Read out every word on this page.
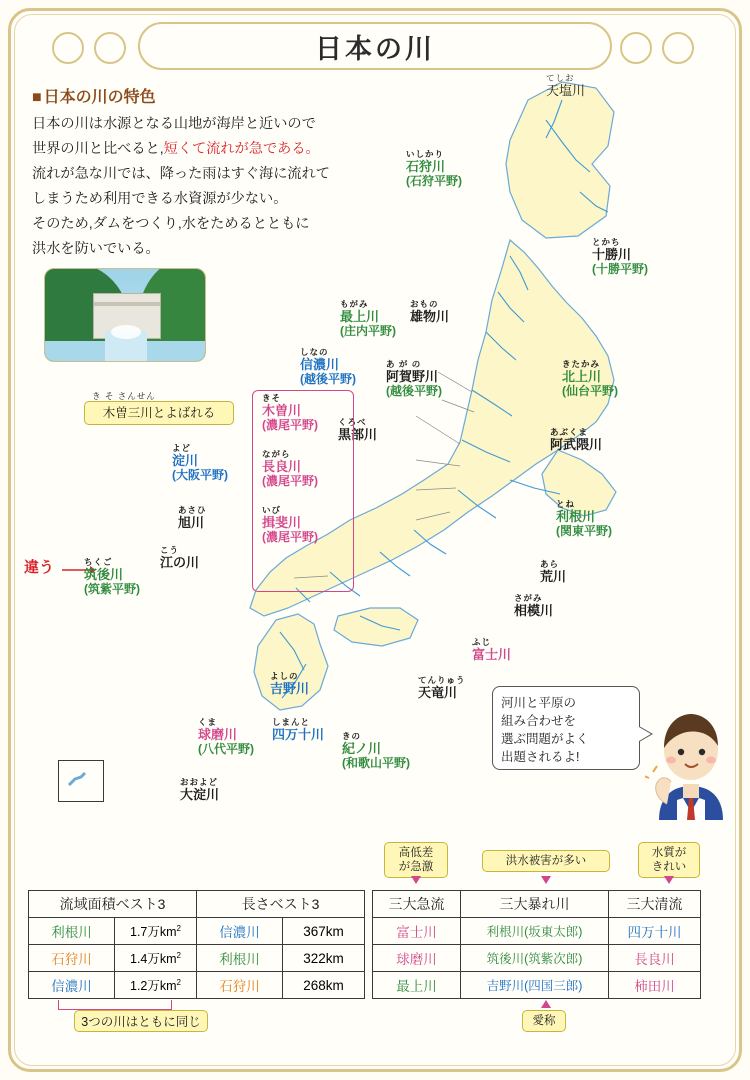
日本の川
■ 日本の川の特色
日本の川は水源となる山地が海岸と近いので
世界の川と比べると,短くて流れが急である。
流れが急な川では、降った雨はすぐ海に流れて
しまうため利用できる水資源が少ない。
そのため,ダムをつくり,水をためるとともに
洪水を防いでいる。
き そ さんせん
木曽三川とよばれる
違う
てしお
天塩川
いしかり
石狩川
(石狩平野)
とかち
十勝川
(十勝平野)
おもの
雄物川
もがみ
最上川
(庄内平野)
きたかみ
北上川
(仙台平野)
しなの
信濃川
(越後平野)
あ が の
阿賀野川
(越後平野)
あぶくま
阿武隈川
くろべ
黒部川
とね
利根川
(関東平野)
きそ
木曽川
(濃尾平野)
ながら
長良川
(濃尾平野)
いび
揖斐川
(濃尾平野)
よど
淀川
(大阪平野)
あさひ
旭川
あら
荒川
さがみ
相模川
ふじ
富士川
てんりゅう
天竜川
ちくご
筑後川
(筑紫平野)
こう
江の川
よしの
吉野川
くま
球磨川
(八代平野)
しまんと
四万十川 きの
紀ノ川
(和歌山平野)
おおよど
大淀川
河川と平原の
組み合わせを
選ぶ問題がよく
出題されるよ!
流域面積ベスト3		長さベスト3	
利根川	1.7万$km^2$	信濃川	367km
石狩川	1.4万$km^2$	利根川	322km
信濃川	1.2万$km^2$	石狩川	268km
三大急流	三大暴れ川	三大清流
富士川	利根川(坂東太郎)	四万十川
球磨川	筑後川(筑紫次郎)	長良川
最上川	吉野川(四国三郎)	柿田川
高低差
が急激	洪水被害が多い
水質が
きれい
愛称
3つの川はともに同じ
